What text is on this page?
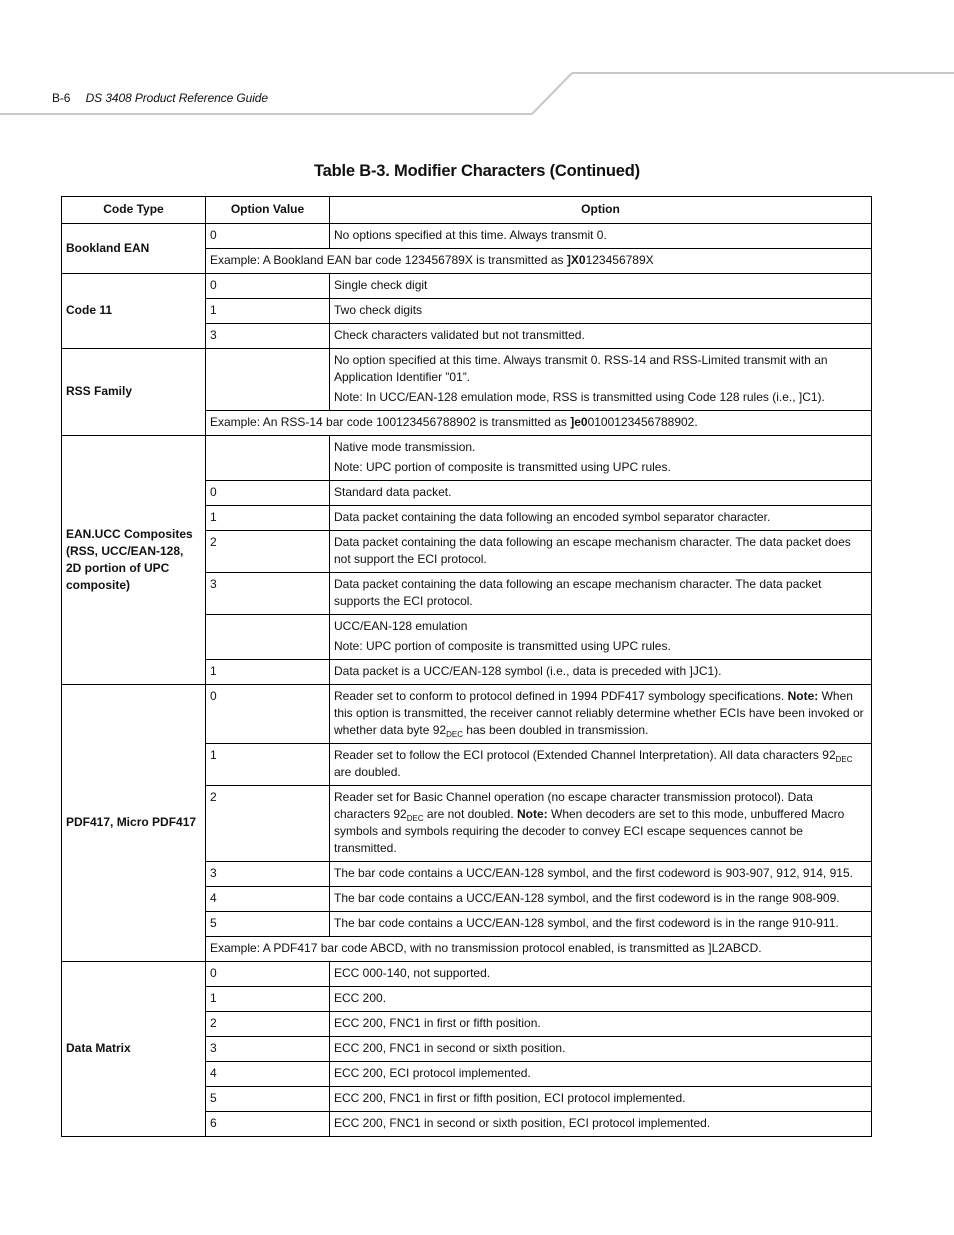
B-6 DS 3408 Product Reference Guide
Table B-3. Modifier Characters (Continued)
Code Type	Option Value	Option
Bookland EAN	0	No options specified at this time. Always transmit 0.
	Example: A Bookland EAN bar code 123456789X is transmitted as ]X0123456789X	
Code 11	0	Single check digit
	1	Two check digits
	3	Check characters validated but not transmitted.
RSS Family		No option specified at this time. Always transmit 0. RSS-14 and RSS-Limited transmit with an Application Identifier ”01”.

Note: In UCC/EAN-128 emulation mode, RSS is transmitted using Code 128 rules (i.e., ]C1).

	Example: An RSS-14 bar code 100123456788902 is transmitted as ]e00100123456788902.	
EAN.UCC Composites (RSS, UCC/EAN-128, 2D portion of UPC composite)		Native mode transmission.

Note: UPC portion of composite is transmitted using UPC rules.

	0	Standard data packet.
	1	Data packet containing the data following an encoded symbol separator character.
	2	Data packet containing the data following an escape mechanism character. The data packet does not support the ECI protocol.
	3	Data packet containing the data following an escape mechanism character. The data packet supports the ECI protocol.

		UCC/EAN-128 emulation

Note: UPC portion of composite is transmitted using UPC rules.

	1	Data packet is a UCC/EAN-128 symbol (i.e., data is preceded with ]JC1).
PDF417, Micro PDF417	0	Reader set to conform to protocol defined in 1994 PDF417 symbology specifications. Note: When this option is transmitted, the receiver cannot reliably determine whether ECIs have been invoked or whether data byte $92_{DEC}$ has been doubled in transmission.
	1	Reader set to follow the ECI protocol (Extended Channel Interpretation). All data characters $92_{DEC}$ are doubled.
	2	Reader set for Basic Channel operation (no escape character transmission protocol). Data characters $92_{DEC}$ are not doubled. Note: When decoders are set to this mode, unbuffered Macro symbols and symbols requiring the decoder to convey ECI escape sequences cannot be transmitted.
	3	The bar code contains a UCC/EAN-128 symbol, and the first codeword is 903-907, 912, 914, 915.
	4	The bar code contains a UCC/EAN-128 symbol, and the first codeword is in the range 908-909.
	5	The bar code contains a UCC/EAN-128 symbol, and the first codeword is in the range 910-911.
	Example: A PDF417 bar code ABCD, with no transmission protocol enabled, is transmitted as ]L2ABCD.	
Data Matrix	0	ECC 000-140, not supported.
	1	ECC 200.
	2	ECC 200, FNC1 in first or fifth position.
	3	ECC 200, FNC1 in second or sixth position.
	4	ECC 200, ECI protocol implemented.
	5	ECC 200, FNC1 in first or fifth position, ECI protocol implemented.
	6	ECC 200, FNC1 in second or sixth position, ECI protocol implemented.
